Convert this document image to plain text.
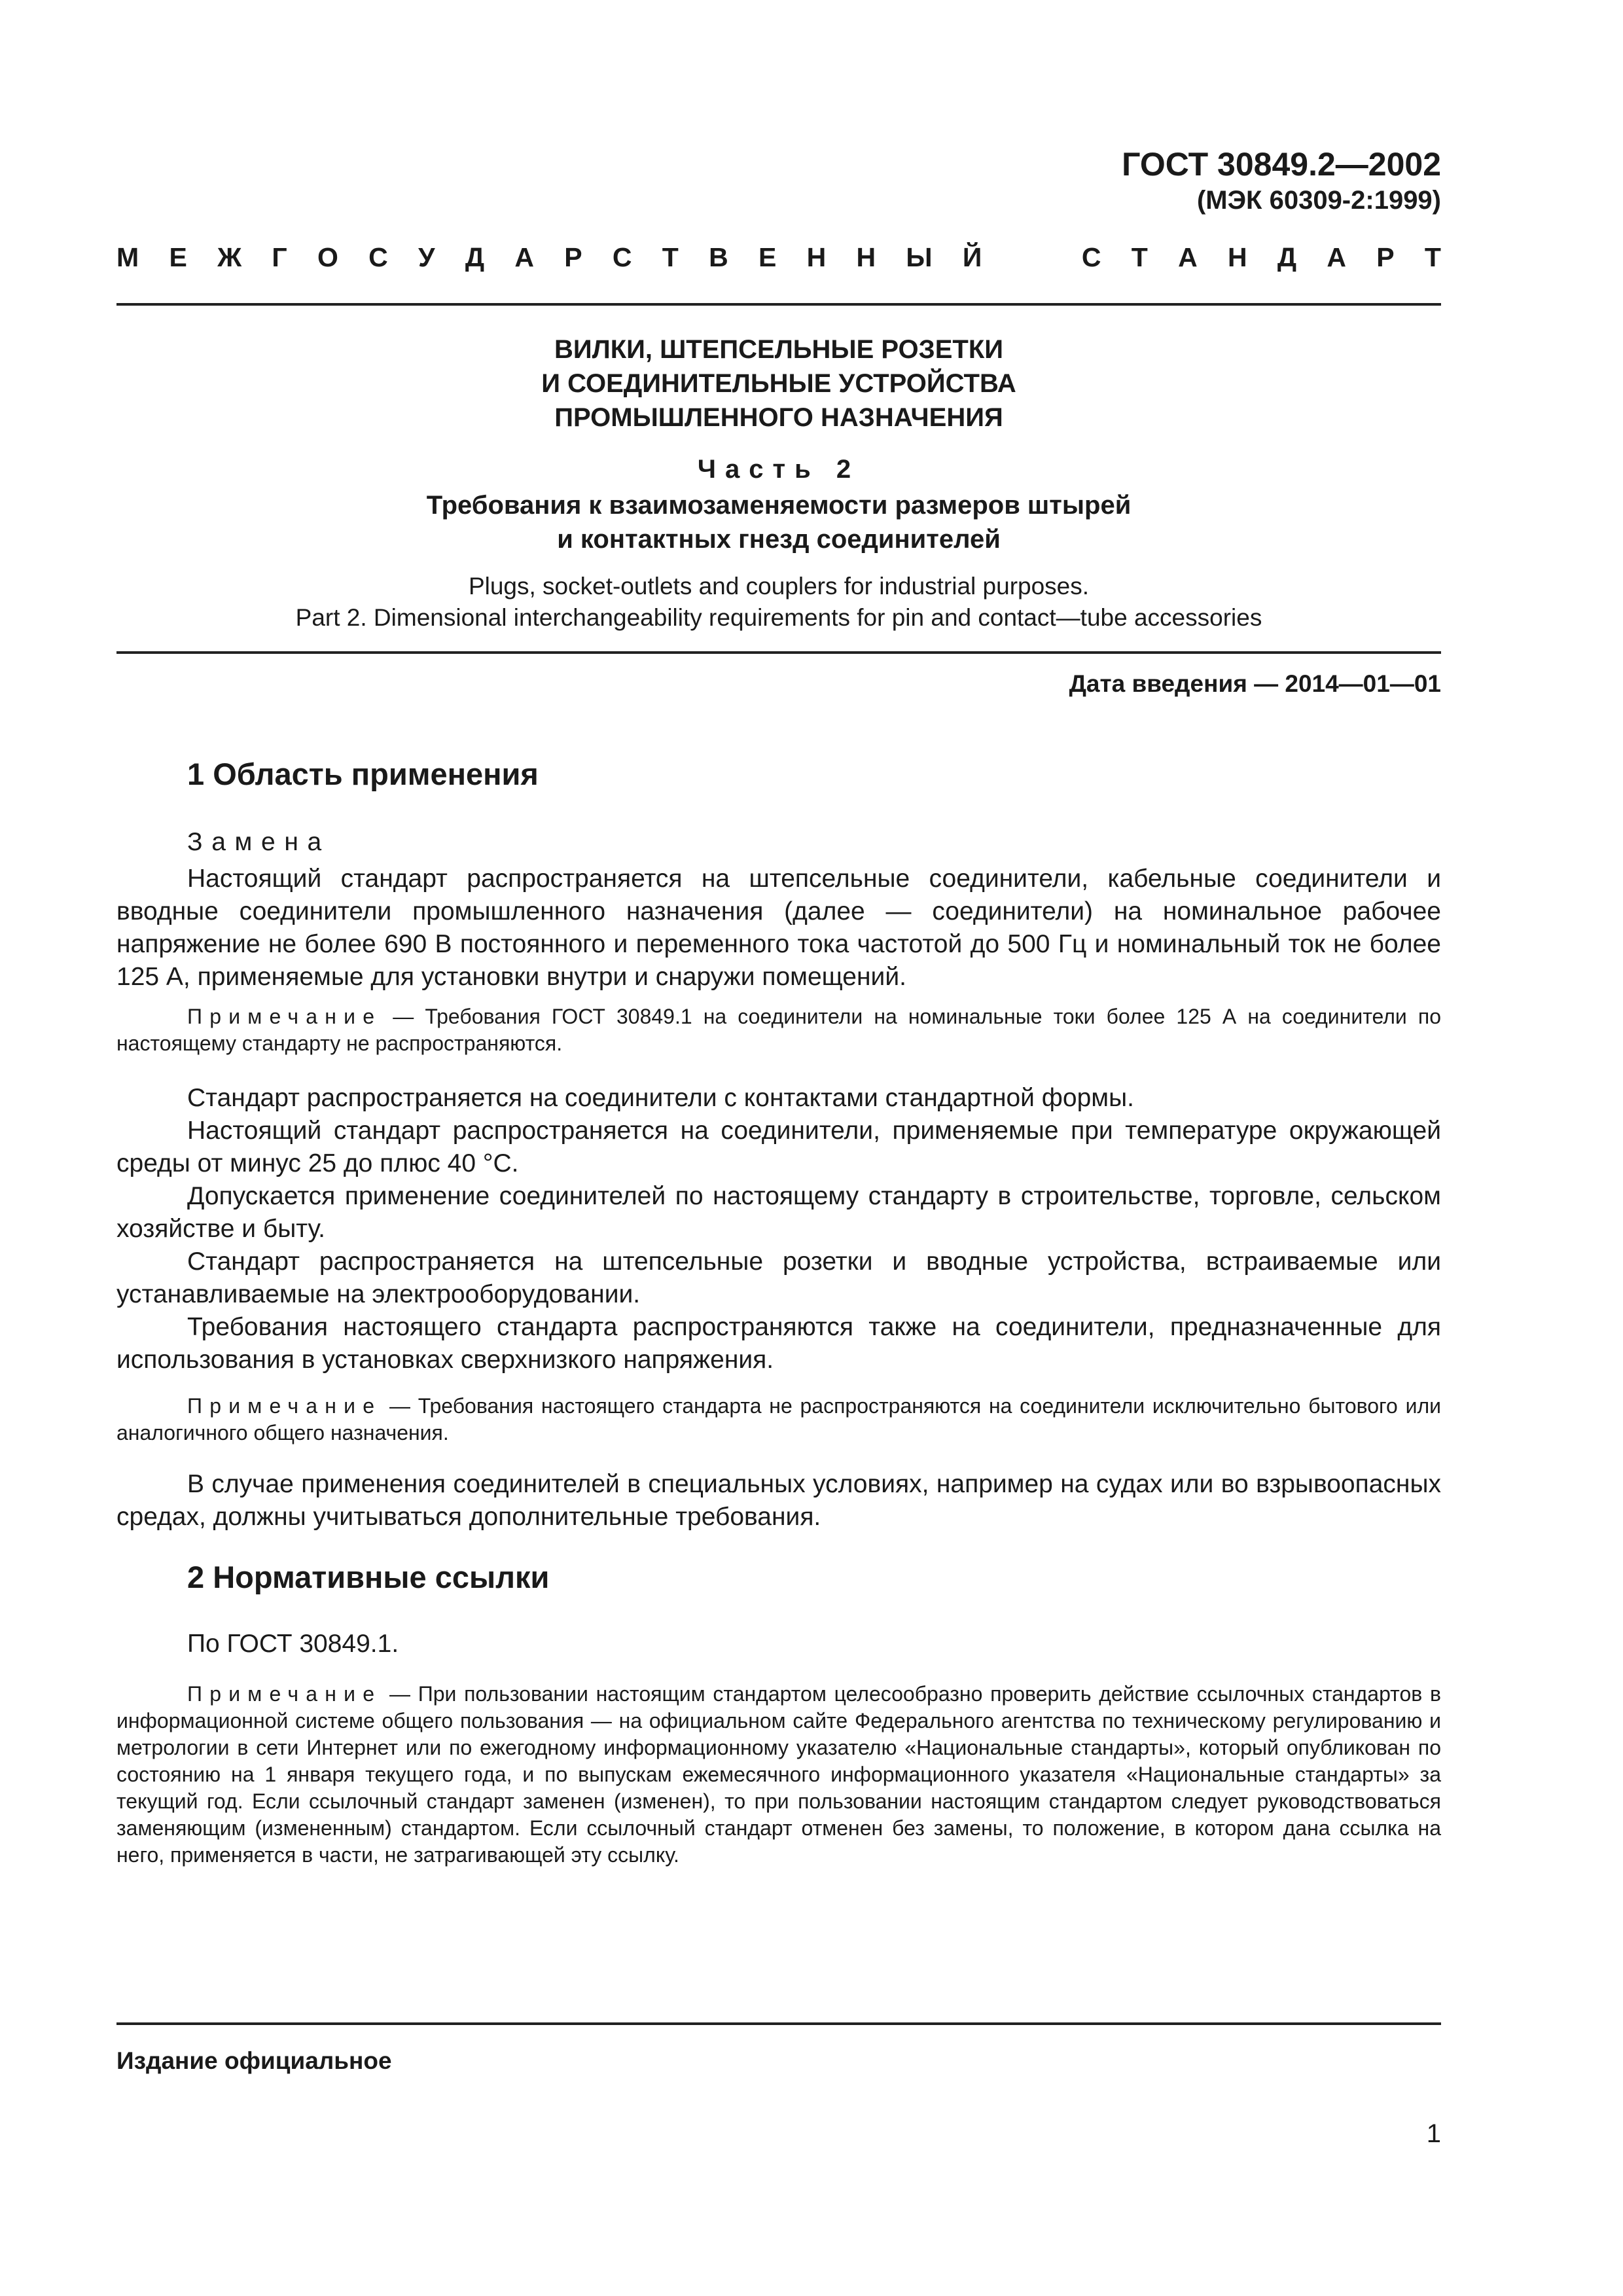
ГОСТ 30849.2—2002
(МЭК 60309-2:1999)
М Е Ж Г О С У Д А Р С Т В Е Н Н Ы Й	С Т А Н Д А Р Т
ВИЛКИ, ШТЕПСЕЛЬНЫЕ РОЗЕТКИ
И СОЕДИНИТЕЛЬНЫЕ УСТРОЙСТВА
ПРОМЫШЛЕННОГО НАЗНАЧЕНИЯ
Часть 2
Требования к взаимозаменяемости размеров штырей
и контактных гнезд соединителей
Plugs, socket-outlets and couplers for industrial purposes.
Part 2. Dimensional interchangeability requirements for pin and contact—tube accessories
Дата введения — 2014—01—01
1 Область применения
Замена
Настоящий стандарт распространяется на штепсельные соединители, кабельные соединители и вводные соединители промышленного назначения (далее — соединители) на номинальное рабочее напряжение не более 690 В постоянного и переменного тока частотой до 500 Гц и номинальный ток не более 125 А, применяемые для установки внутри и снаружи помещений.
Примечание — Требования ГОСТ 30849.1 на соединители на номинальные токи более 125 А на соединители по настоящему стандарту не распространяются.
Стандарт распространяется на соединители с контактами стандартной формы.
Настоящий стандарт распространяется на соединители, применяемые при температуре окружающей среды от минус 25 до плюс 40 °С.
Допускается применение соединителей по настоящему стандарту в строительстве, торговле, сельском хозяйстве и быту.
Стандарт распространяется на штепсельные розетки и вводные устройства, встраиваемые или устанавливаемые на электрооборудовании.
Требования настоящего стандарта распространяются также на соединители, предназначенные для использования в установках сверхнизкого напряжения.
Примечание — Требования настоящего стандарта не распространяются на соединители исключительно бытового или аналогичного общего назначения.
В случае применения соединителей в специальных условиях, например на судах или во взрывоопасных средах, должны учитываться дополнительные требования.
2 Нормативные ссылки
По ГОСТ 30849.1.
Примечание — При пользовании настоящим стандартом целесообразно проверить действие ссылочных стандартов в информационной системе общего пользования — на официальном сайте Федерального агентства по техническому регулированию и метрологии в сети Интернет или по ежегодному информационному указателю «Национальные стандарты», который опубликован по состоянию на 1 января текущего года, и по выпускам ежемесячного информационного указателя «Национальные стандарты» за текущий год. Если ссылочный стандарт заменен (изменен), то при пользовании настоящим стандартом следует руководствоваться заменяющим (измененным) стандартом. Если ссылочный стандарт отменен без замены, то положение, в котором дана ссылка на него, применяется в части, не затрагивающей эту ссылку.
Издание официальное
1
